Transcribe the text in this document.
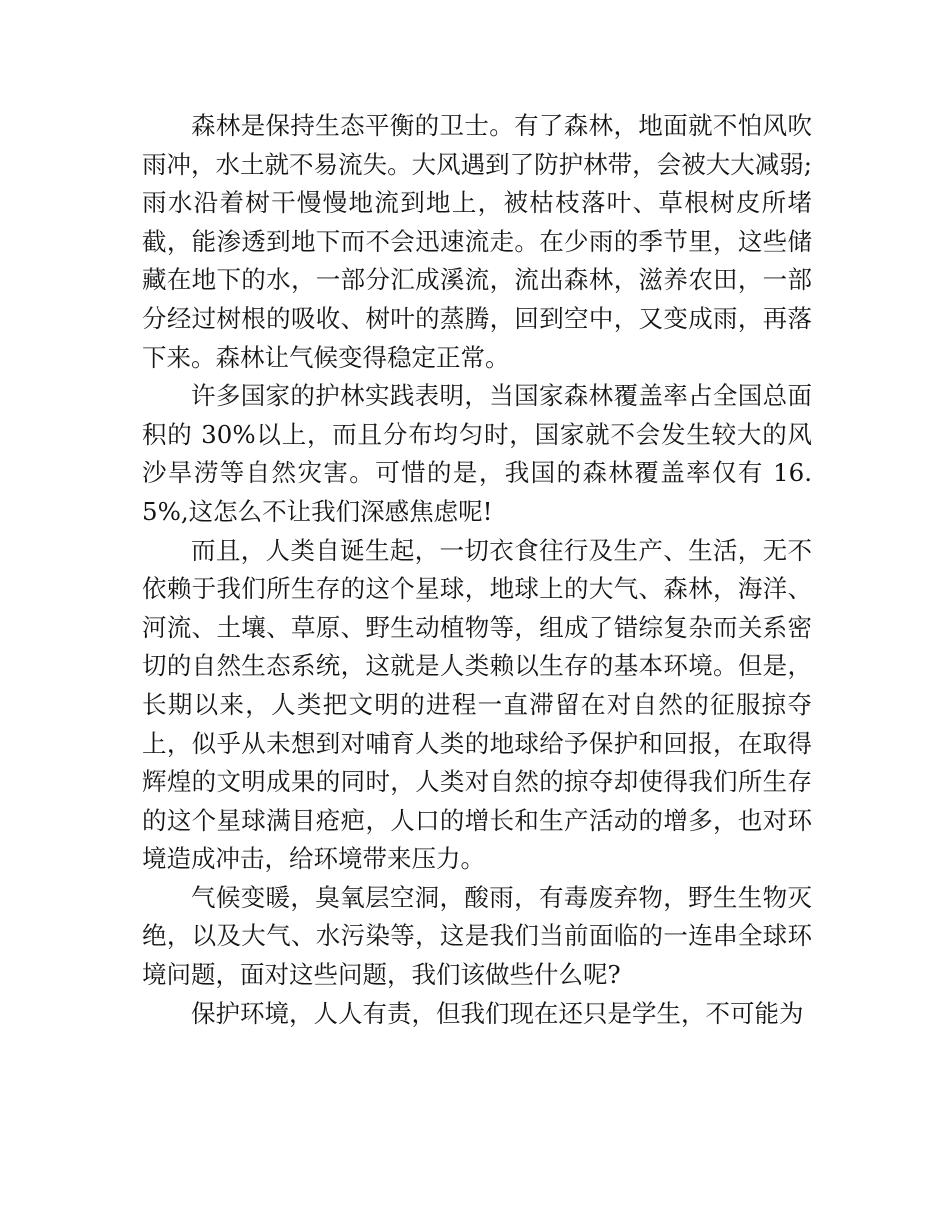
森林是保持生态平衡的卫士。有了森林，地面就不怕风吹雨冲，水土就不易流失。大风遇到了防护林带，会被大大减弱;雨水沿着树干慢慢地流到地上，被枯枝落叶、草根树皮所堵截，能渗透到地下而不会迅速流走。在少雨的季节里，这些储藏在地下的水，一部分汇成溪流，流出森林，滋养农田，一部分经过树根的吸收、树叶的蒸腾，回到空中，又变成雨，再落下来。森林让气候变得稳定正常。

许多国家的护林实践表明，当国家森林覆盖率占全国总面积的 30%以上，而且分布均匀时，国家就不会发生较大的风沙旱涝等自然灾害。可惜的是，我国的森林覆盖率仅有 16.5%,这怎么不让我们深感焦虑呢!

而且，人类自诞生起，一切衣食往行及生产、生活，无不依赖于我们所生存的这个星球，地球上的大气、森林，海洋、河流、土壤、草原、野生动植物等，组成了错综复杂而关系密切的自然生态系统，这就是人类赖以生存的基本环境。但是，长期以来，人类把文明的进程一直滞留在对自然的征服掠夺上，似乎从未想到对哺育人类的地球给予保护和回报，在取得辉煌的文明成果的同时，人类对自然的掠夺却使得我们所生存的这个星球满目疮疤，人口的增长和生产活动的增多，也对环境造成冲击，给环境带来压力。

气候变暖，臭氧层空洞，酸雨，有毒废弃物，野生生物灭绝，以及大气、水污染等，这是我们当前面临的一连串全球环境问题，面对这些问题，我们该做些什么呢?

保护环境，人人有责，但我们现在还只是学生，不可能为
